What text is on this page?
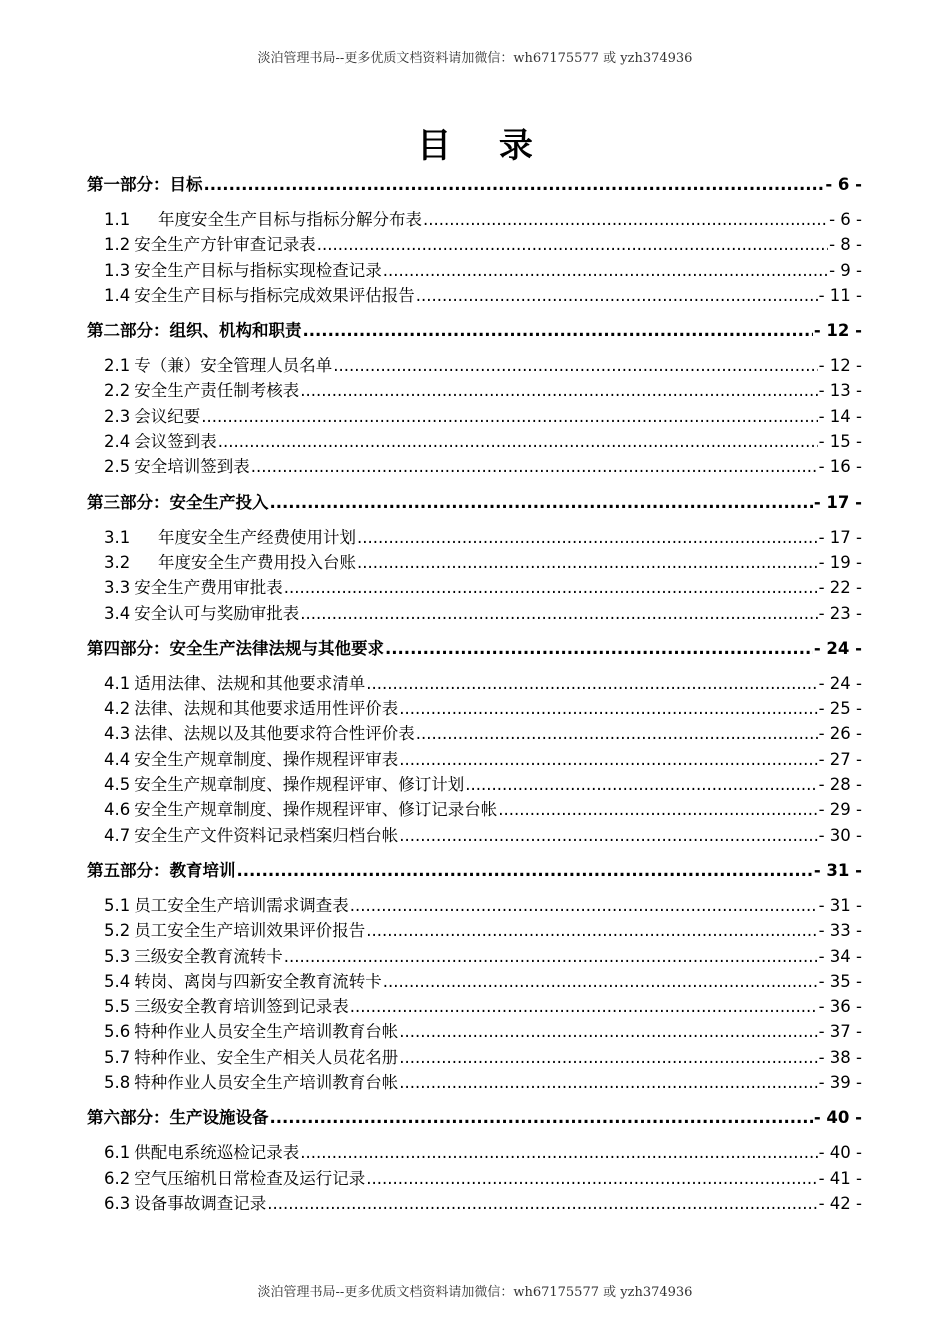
淡泊管理书局--更多优质文档资料请加微信：wh67175577 或 yzh374936
目 录
第一部分：目标 .....	- 6 -
1.1	年度安全生产目标与指标分解分布表 .....	- 6 -
1.2 安全生产方针审查记录表 .....	- 8 -
1.3 安全生产目标与指标实现检查记录 .....	- 9 -
1.4 安全生产目标与指标完成效果评估报告 .....	- 11 -
第二部分：组织、机构和职责 .....	- 12 -
2.1 专（兼）安全管理人员名单 .....	- 12 -
2.2 安全生产责任制考核表 .....	- 13 -
2.3 会议纪要 .....	- 14 -
2.4 会议签到表 .....	- 15 -
2.5 安全培训签到表 .....	- 16 -
第三部分：安全生产投入 .....	- 17 -
3.1	年度安全生产经费使用计划 .....	- 17 -
3.2	年度安全生产费用投入台账 .....	- 19 -
3.3 安全生产费用审批表 .....	- 22 -
3.4 安全认可与奖励审批表 .....	- 23 -
第四部分：安全生产法律法规与其他要求 .....	- 24 -
4.1 适用法律、法规和其他要求清单 .....	- 24 -
4.2 法律、法规和其他要求适用性评价表 .....	- 25 -
4.3 法律、法规以及其他要求符合性评价表 .....	- 26 -
4.4 安全生产规章制度、操作规程评审表 .....	- 27 -
4.5 安全生产规章制度、操作规程评审、修订计划 .....	- 28 -
4.6 安全生产规章制度、操作规程评审、修订记录台帐 .....	- 29 -
4.7 安全生产文件资料记录档案归档台帐 .....	- 30 -
第五部分：教育培训 .....	- 31 -
5.1 员工安全生产培训需求调查表 .....	- 31 -
5.2 员工安全生产培训效果评价报告 .....	- 33 -
5.3 三级安全教育流转卡 .....	- 34 -
5.4 转岗、离岗与四新安全教育流转卡 .....	- 35 -
5.5 三级安全教育培训签到记录表 .....	- 36 -
5.6 特种作业人员安全生产培训教育台帐 .....	- 37 -
5.7 特种作业、安全生产相关人员花名册 .....	- 38 -
5.8 特种作业人员安全生产培训教育台帐 .....	- 39 -
第六部分：生产设施设备 .....	- 40 -
6.1 供配电系统巡检记录表 .....	- 40 -
6.2 空气压缩机日常检查及运行记录 .....	- 41 -
6.3 设备事故调查记录 .....	- 42 -
淡泊管理书局--更多优质文档资料请加微信：wh67175577 或 yzh374936
